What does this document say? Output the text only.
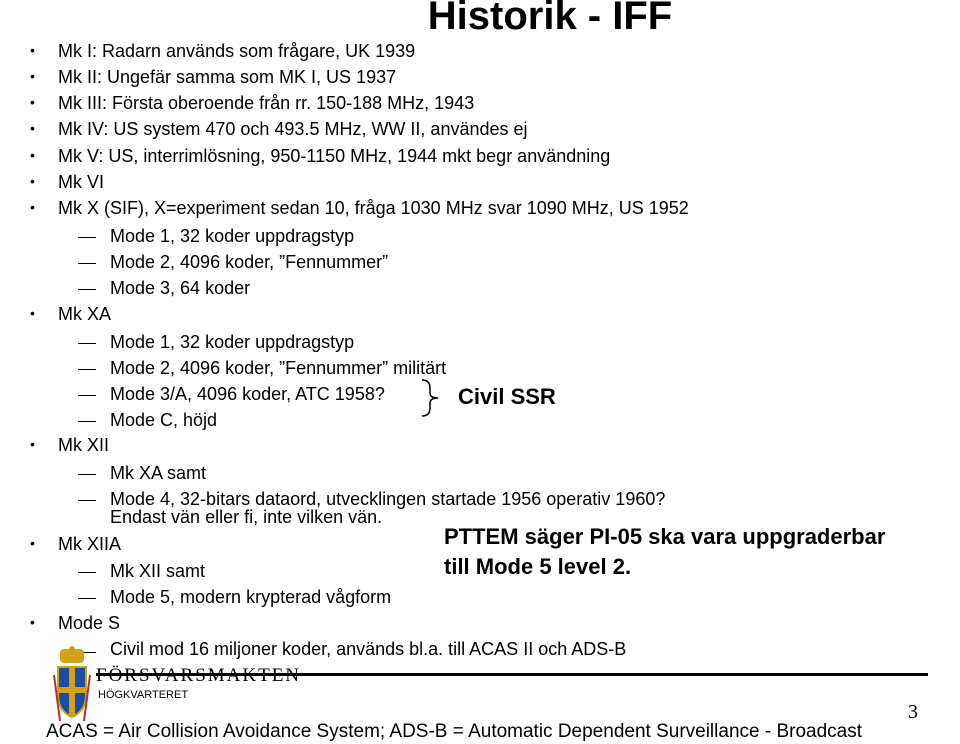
Historik - IFF
• Mk I: Radarn används som frågare, UK 1939
• Mk II: Ungefär samma som MK I, US 1937
• Mk III: Första oberoende från rr. 150-188 MHz, 1943
• Mk IV: US system 470 och 493.5 MHz, WW II, användes ej
• Mk V: US, interrimlösning, 950-1150 MHz, 1944 mkt begr användning
• Mk VI
• Mk X (SIF), X=experiment sedan 10, fråga 1030 MHz svar 1090 MHz, US 1952
Mode 1, 32 koder uppdragstyp
Mode 2, 4096 koder, ”Fennummer”
Mode 3, 64 koder
• Mk XA
Mode 1, 32 koder uppdragstyp
Mode 2, 4096 koder, ”Fennummer” militärt
Mode 3/A, 4096 koder, ATC 1958?
Mode C, höjd
Civil SSR
• Mk XII
Mk XA samt
Mode 4, 32-bitars dataord, utvecklingen startade 1956 operativ 1960?
Endast vän eller fi, inte vilken vän.
PTTEM säger PI-05 ska vara uppgraderbar
till Mode 5 level 2.
• Mk XIIA
Mk XII samt
Mode 5, modern krypterad vågform
• Mode S
Civil mod 16 miljoner koder, används bl.a. till ACAS II och ADS-B
HÖGKVARTERET
3
ACAS = Air Collision Avoidance System; ADS-B = Automatic Dependent Surveillance - Broadcast
